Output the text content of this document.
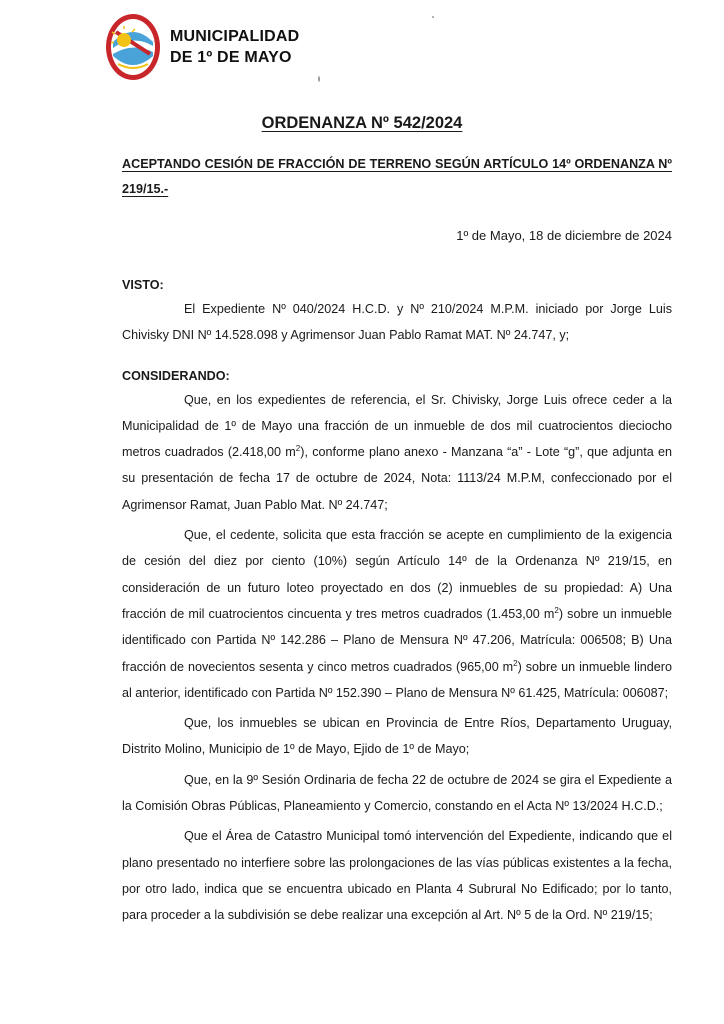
MUNICIPALIDAD
DE 1º DE MAYO
ORDENANZA Nº 542/2024
ACEPTANDO CESIÓN DE FRACCIÓN DE TERRENO SEGÚN ARTÍCULO 14º ORDENANZA Nº 219/15.-
1º de Mayo, 18 de diciembre de 2024

VISTO:

El Expediente Nº 040/2024 H.C.D. y Nº 210/2024 M.P.M. iniciado por Jorge Luis Chivisky DNI Nº 14.528.098 y Agrimensor Juan Pablo Ramat MAT. Nº 24.747, y;

CONSIDERANDO:

Que, en los expedientes de referencia, el Sr. Chivisky, Jorge Luis ofrece ceder a la Municipalidad de 1º de Mayo una fracción de un inmueble de dos mil cuatrocientos dieciocho metros cuadrados (2.418,00 $m^2$), conforme plano anexo - Manzana “a” - Lote “g”, que adjunta en su presentación de fecha 17 de octubre de 2024, Nota: 1113/24 M.P.M, confeccionado por el Agrimensor Ramat, Juan Pablo Mat. Nº 24.747;

Que, el cedente, solicita que esta fracción se acepte en cumplimiento de la exigencia de cesión del diez por ciento (10%) según Artículo 14º de la Ordenanza Nº 219/15, en consideración de un futuro loteo proyectado en dos (2) inmuebles de su propiedad: A) Una fracción de mil cuatrocientos cincuenta y tres metros cuadrados (1.453,00 $m^2$) sobre un inmueble identificado con Partida Nº 142.286 – Plano de Mensura Nº 47.206, Matrícula: 006508; B) Una fracción de novecientos sesenta y cinco metros cuadrados (965,00 $m^2$) sobre un inmueble lindero al anterior, identificado con Partida Nº 152.390 – Plano de Mensura Nº 61.425, Matrícula: 006087;

Que, los inmuebles se ubican en Provincia de Entre Ríos, Departamento Uruguay, Distrito Molino, Municipio de 1º de Mayo, Ejido de 1º de Mayo;

Que, en la 9º Sesión Ordinaria de fecha 22 de octubre de 2024 se gira el Expediente a la Comisión Obras Públicas, Planeamiento y Comercio, constando en el Acta Nº 13/2024 H.C.D.;

Que el Área de Catastro Municipal tomó intervención del Expediente, indicando que el plano presentado no interfiere sobre las prolongaciones de las vías públicas existentes a la fecha, por otro lado, indica que se encuentra ubicado en Planta 4 Subrural No Edificado; por lo tanto, para proceder a la subdivisión se debe realizar una excepción al Art. Nº 5 de la Ord. Nº 219/15;
